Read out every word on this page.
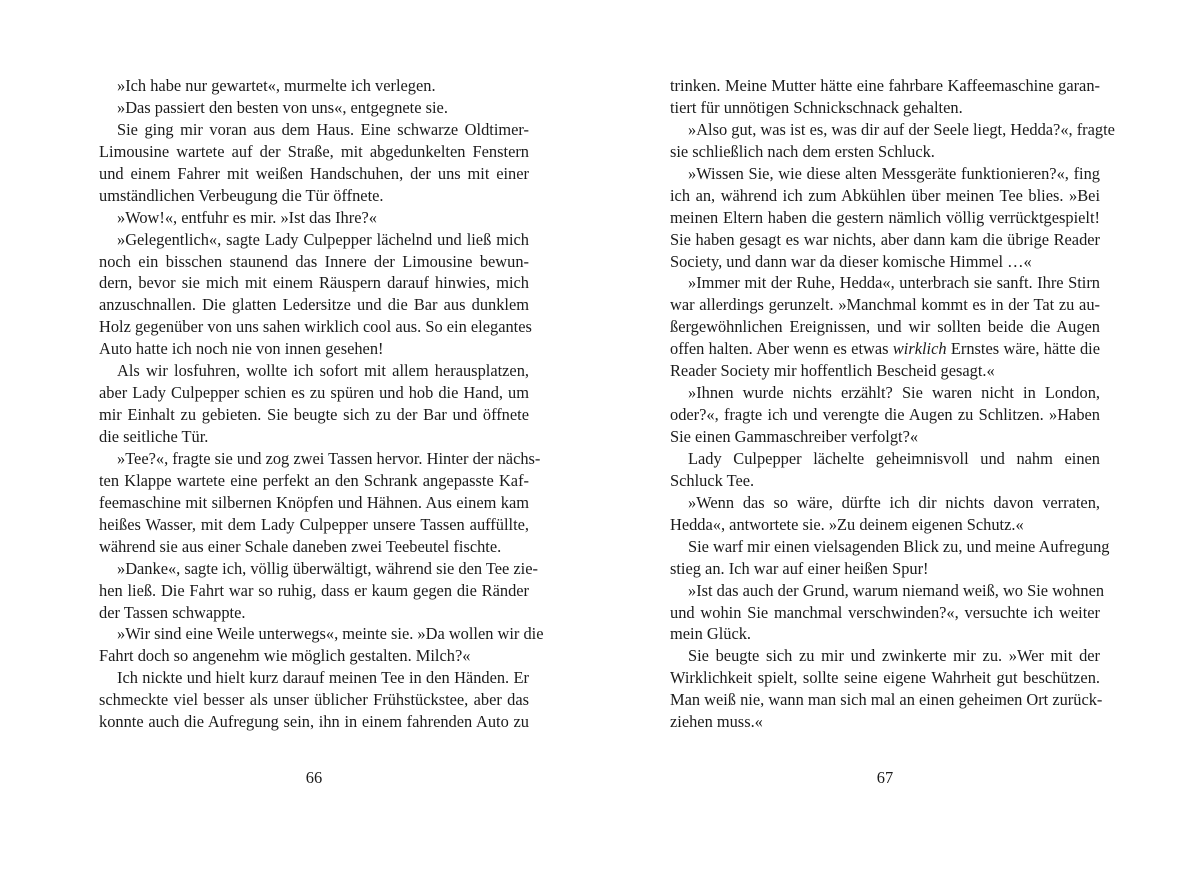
»Ich habe nur gewartet«, murmelte ich verlegen.
»Das passiert den besten von uns«, entgegnete sie.
Sie ging mir voran aus dem Haus. Eine schwarze Oldtimer-
Limousine wartete auf der Straße, mit abgedunkelten Fenstern
und einem Fahrer mit weißen Handschuhen, der uns mit einer
umständlichen Verbeugung die Tür öffnete.
»Wow!«, entfuhr es mir. »Ist das Ihre?«
»Gelegentlich«, sagte Lady Culpepper lächelnd und ließ mich
noch ein bisschen staunend das Innere der Limousine bewun-
dern, bevor sie mich mit einem Räuspern darauf hinwies, mich
anzuschnallen. Die glatten Ledersitze und die Bar aus dunklem
Holz gegenüber von uns sahen wirklich cool aus. So ein elegantes
Auto hatte ich noch nie von innen gesehen!
Als wir losfuhren, wollte ich sofort mit allem herausplatzen,
aber Lady Culpepper schien es zu spüren und hob die Hand, um
mir Einhalt zu gebieten. Sie beugte sich zu der Bar und öffnete
die seitliche Tür.
»Tee?«, fragte sie und zog zwei Tassen hervor. Hinter der nächs-
ten Klappe wartete eine perfekt an den Schrank angepasste Kaf-
feemaschine mit silbernen Knöpfen und Hähnen. Aus einem kam
heißes Wasser, mit dem Lady Culpepper unsere Tassen auffüllte,
während sie aus einer Schale daneben zwei Teebeutel fischte.
»Danke«, sagte ich, völlig überwältigt, während sie den Tee zie-
hen ließ. Die Fahrt war so ruhig, dass er kaum gegen die Ränder
der Tassen schwappte.
»Wir sind eine Weile unterwegs«, meinte sie. »Da wollen wir die
Fahrt doch so angenehm wie möglich gestalten. Milch?«
Ich nickte und hielt kurz darauf meinen Tee in den Händen. Er
schmeckte viel besser als unser üblicher Frühstückstee, aber das
konnte auch die Aufregung sein, ihn in einem fahrenden Auto zu
66
trinken. Meine Mutter hätte eine fahrbare Kaffeemaschine garan-
tiert für unnötigen Schnickschnack gehalten.
»Also gut, was ist es, was dir auf der Seele liegt, Hedda?«, fragte
sie schließlich nach dem ersten Schluck.
»Wissen Sie, wie diese alten Messgeräte funktionieren?«, fing
ich an, während ich zum Abkühlen über meinen Tee blies. »Bei
meinen Eltern haben die gestern nämlich völlig verrücktgespielt!
Sie haben gesagt es war nichts, aber dann kam die übrige Reader
Society, und dann war da dieser komische Himmel …«
»Immer mit der Ruhe, Hedda«, unterbrach sie sanft. Ihre Stirn
war allerdings gerunzelt. »Manchmal kommt es in der Tat zu au-
ßergewöhnlichen Ereignissen, und wir sollten beide die Augen
offen halten. Aber wenn es etwas wirklich Ernstes wäre, hätte die
Reader Society mir hoffentlich Bescheid gesagt.«
»Ihnen wurde nichts erzählt? Sie waren nicht in London,
oder?«, fragte ich und verengte die Augen zu Schlitzen. »Haben
Sie einen Gammaschreiber verfolgt?«
Lady Culpepper lächelte geheimnisvoll und nahm einen
Schluck Tee.
»Wenn das so wäre, dürfte ich dir nichts davon verraten,
Hedda«, antwortete sie. »Zu deinem eigenen Schutz.«
Sie warf mir einen vielsagenden Blick zu, und meine Aufregung
stieg an. Ich war auf einer heißen Spur!
»Ist das auch der Grund, warum niemand weiß, wo Sie wohnen
und wohin Sie manchmal verschwinden?«, versuchte ich weiter
mein Glück.
Sie beugte sich zu mir und zwinkerte mir zu. »Wer mit der
Wirklichkeit spielt, sollte seine eigene Wahrheit gut beschützen.
Man weiß nie, wann man sich mal an einen geheimen Ort zurück-
ziehen muss.«
67
